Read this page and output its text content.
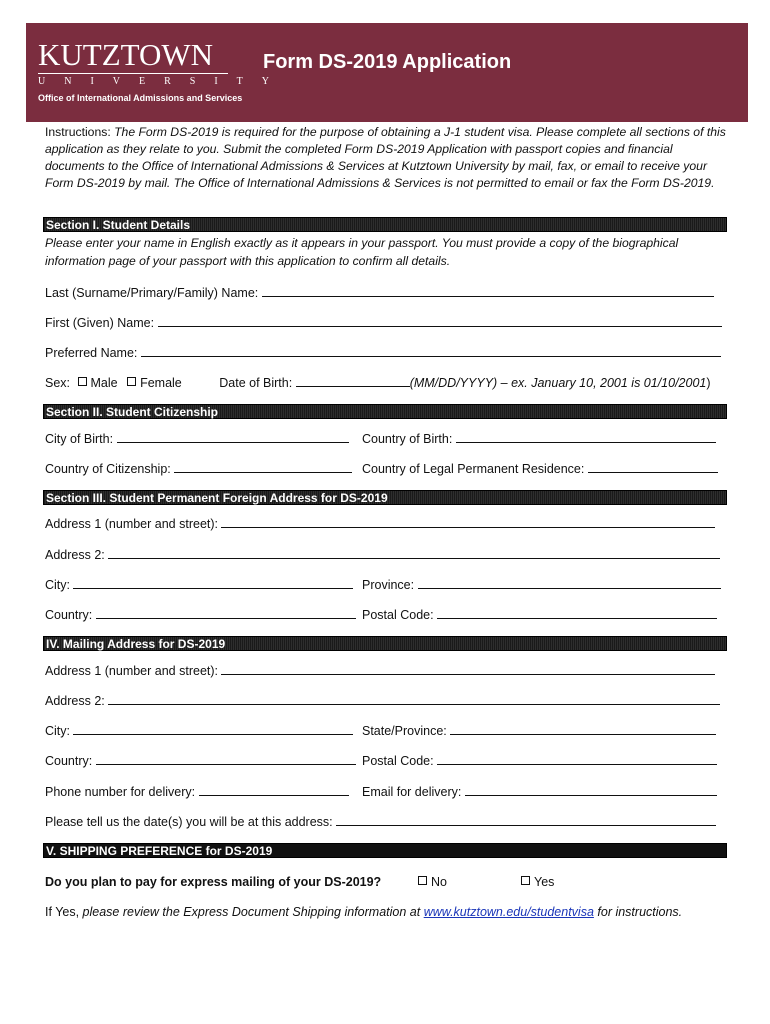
KUTZTOWN
UNIVERSITY
Office of International Admissions and Services
Form DS-2019 Application
Instructions: The Form DS-2019 is required for the purpose of obtaining a J-1 student visa. Please complete all sections of this application as they relate to you. Submit the completed Form DS-2019 Application with passport copies and financial documents to the Office of International Admissions & Services at Kutztown University by mail, fax, or email to receive your Form DS-2019 by mail. The Office of International Admissions & Services is not permitted to email or fax the Form DS-2019.
Section I. Student Details
Please enter your name in English exactly as it appears in your passport. You must provide a copy of the biographical information page of your passport with this application to confirm all details.
Last (Surname/Primary/Family) Name:
First (Given) Name:
Preferred Name:
Sex: Male Female	Date of Birth:	(MM/DD/YYYY) – ex. January 10, 2001 is 01/10/2001)
Section II. Student Citizenship
City of Birth:	Country of Birth:
Country of Citizenship:	Country of Legal Permanent Residence:
Section III. Student Permanent Foreign Address for DS-2019
Address 1 (number and street):
Address 2:
City:	Province:
Country:	Postal Code:
IV. Mailing Address for DS-2019
Address 1 (number and street):
Address 2:
City:	State/Province:
Country:	Postal Code:
Phone number for delivery:	Email for delivery:
Please tell us the date(s) you will be at this address:
V. SHIPPING PREFERENCE for DS-2019
Do you plan to pay for express mailing of your DS-2019?	No	Yes
If Yes, please review the Express Document Shipping information at www.kutztown.edu/studentvisa for instructions.
